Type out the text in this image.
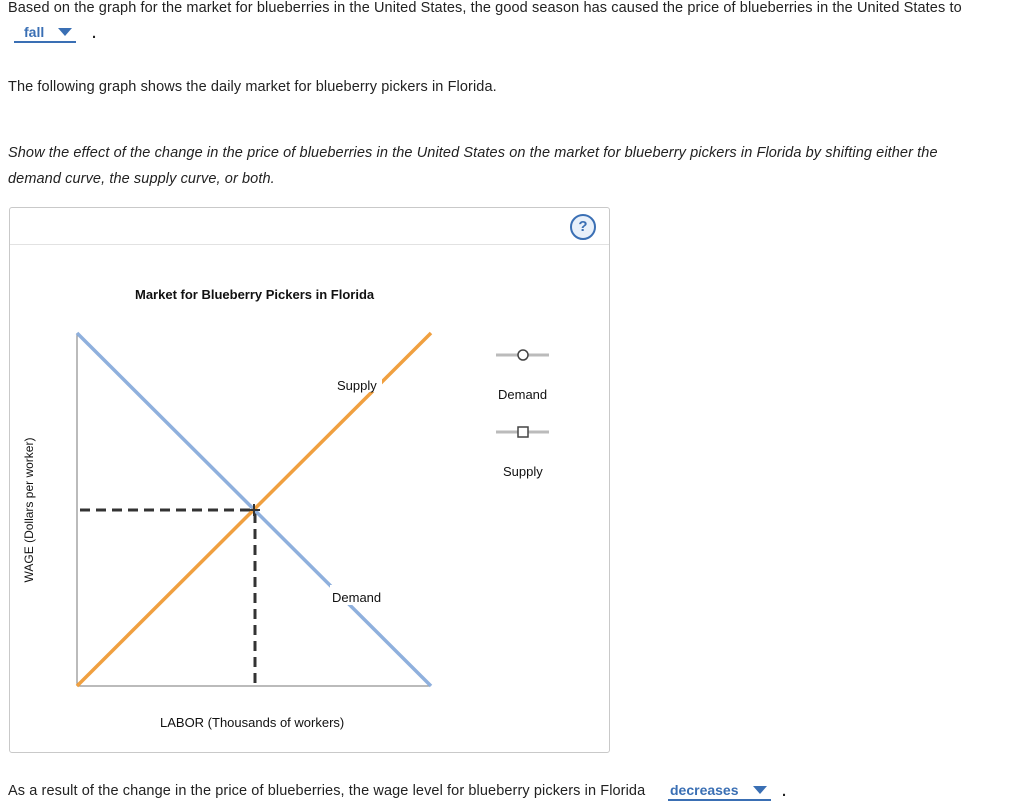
Based on the graph for the market for blueberries in the United States, the good season has caused the price of blueberries in the United States to
fall	.
The following graph shows the daily market for blueberry pickers in Florida.
Show the effect of the change in the price of blueberries in the United States on the market for blueberry pickers in Florida by shifting either the
demand curve, the supply curve, or both.
?
Market for Blueberry Pickers in Florida
Supply
Demand
Demand
Supply
LABOR (Thousands of workers)
WAGE (Dollars per worker)
As a result of the change in the price of blueberries, the wage level for blueberry pickers in Florida decreases	.
